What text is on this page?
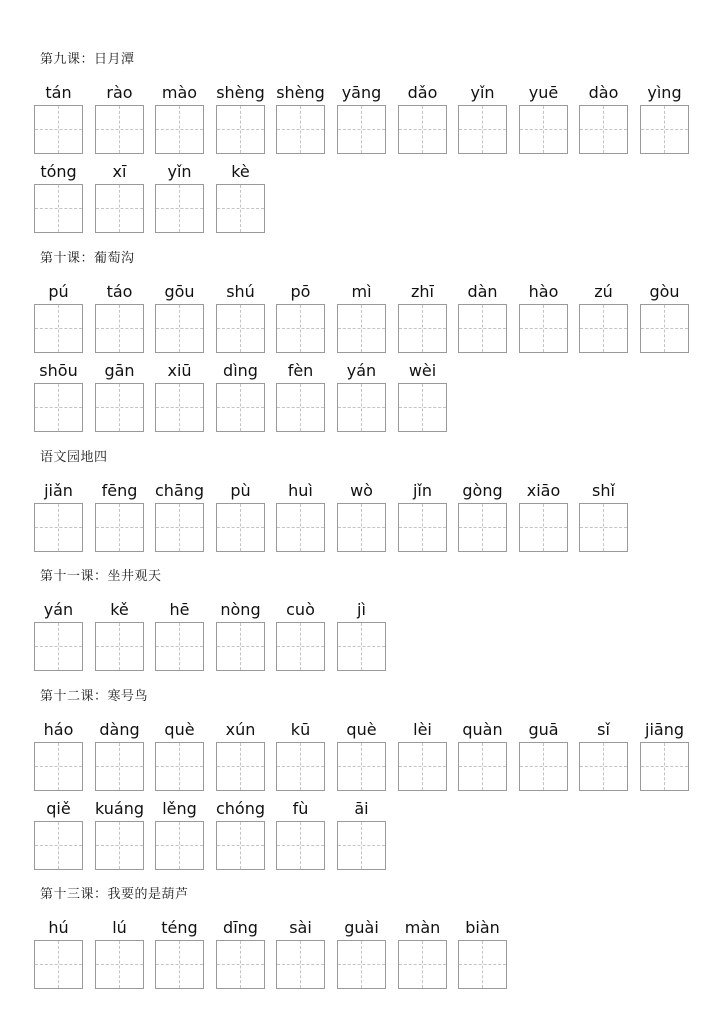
第九课：日月潭
tán	rào	mào	shèng shèng	yāng	dǎo	yǐn	yuē	dào	yìng
tóng	xī	yǐn	kè
第十课：葡萄沟
pú	táo	gōu	shú	pō	mì	zhī	dàn	hào	zú	gòu
shōu	gān	xiū	dìng	fèn	yán	wèi
语文园地四
jiǎn	fēng	chāng	pù	huì	wò	jǐn	gòng	xiāo	shǐ
第十一课：坐井观天
yán	kě	hē	nòng	cuò	jì
第十二课：寒号鸟
háo	dàng	què	xún	kū	què	lèi	quàn	guā	sǐ	jiāng
qiě	kuáng	lěng	chóng	fù	āi
第十三课：我要的是葫芦
hú	lú	téng	dīng	sài	guài	màn	biàn
